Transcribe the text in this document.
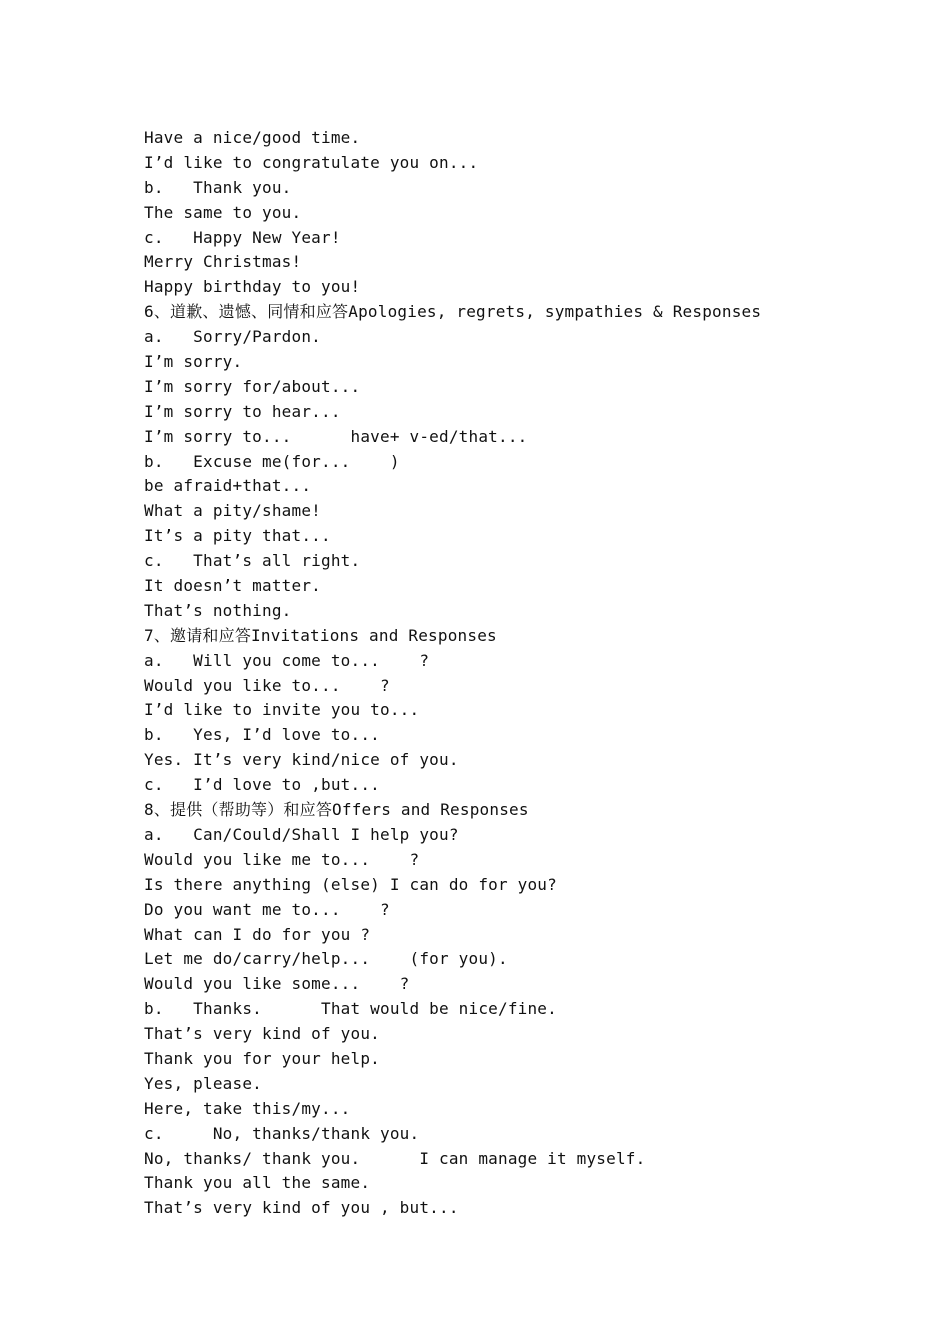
Have a nice/good time.
I’d like to congratulate you on...
b.   Thank you.
The same to you.
c.   Happy New Year!
Merry Christmas!
Happy birthday to you!
6、道歉、遗憾、同情和应答Apologies, regrets, sympathies & Responses
a.   Sorry/Pardon.
I’m sorry.
I’m sorry for/about...
I’m sorry to hear...
I’m sorry to...      have+ v-ed/that...
b.   Excuse me(for...    )
be afraid+that...
What a pity/shame!
It’s a pity that...
c.   That’s all right.
It doesn’t matter.
That’s nothing.
7、邀请和应答Invitations and Responses
a.   Will you come to...    ?
Would you like to...    ?
I’d like to invite you to...
b.   Yes, I’d love to...
Yes. It’s very kind/nice of you.
c.   I’d love to ,but...
8、提供（帮助等）和应答Offers and Responses
a.   Can/Could/Shall I help you?
Would you like me to...    ?
Is there anything (else) I can do for you?
Do you want me to...    ?
What can I do for you ?
Let me do/carry/help...    (for you).
Would you like some...    ?
b.   Thanks.      That would be nice/fine.
That’s very kind of you.
Thank you for your help.
Yes, please.
Here, take this/my...
c.     No, thanks/thank you.
No, thanks/ thank you.      I can manage it myself.
Thank you all the same.
That’s very kind of you , but...
